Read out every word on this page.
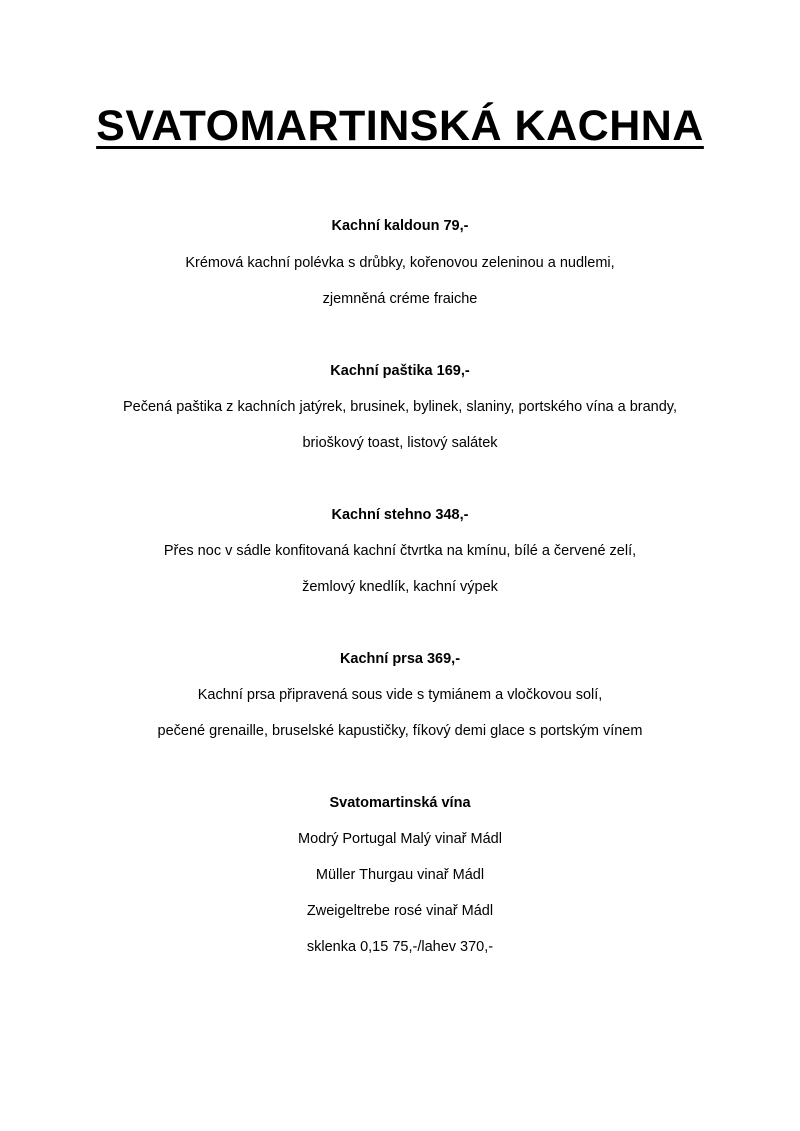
SVATOMARTINSKÁ KACHNA

Kachní kaldoun 79,-

Krémová kachní polévka s drůbky, kořenovou zeleninou a nudlemi,

zjemněná créme fraiche

Kachní paštika 169,-

Pečená paštika z kachních jatýrek, brusinek, bylinek, slaniny, portského vína a brandy,

brioškový toast, listový salátek

Kachní stehno 348,-

Přes noc v sádle konfitovaná kachní čtvrtka na kmínu, bílé a červené zelí,

žemlový knedlík, kachní výpek

Kachní prsa 369,-

Kachní prsa připravená sous vide s tymiánem a vločkovou solí,

pečené grenaille, bruselské kapustičky, fíkový demi glace s portským vínem

Svatomartinská vína

Modrý Portugal Malý vinař Mádl

Müller Thurgau vinař Mádl

Zweigeltrebe rosé vinař Mádl

sklenka 0,15 75,-/lahev 370,-
